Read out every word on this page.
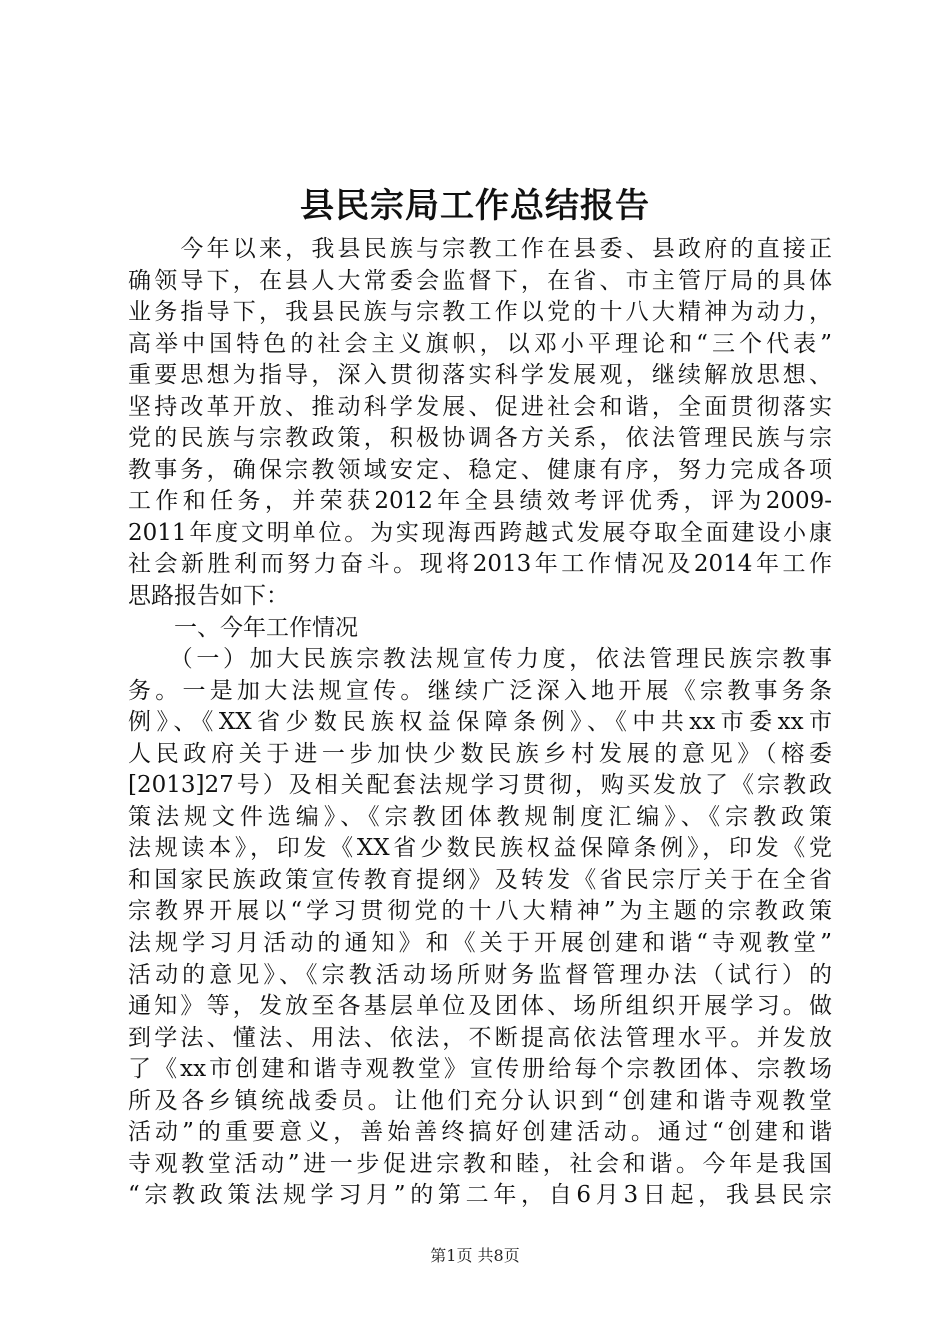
县民宗局工作总结报告
　　今年以来，我县民族与宗教工作在县委、县政府的直接正
确领导下，在县人大常委会监督下，在省、市主管厅局的具体
业务指导下，我县民族与宗教工作以党的十八大精神为动力，
高举中国特色的社会主义旗帜，以邓小平理论和“三个代表”
重要思想为指导，深入贯彻落实科学发展观，继续解放思想、
坚持改革开放、推动科学发展、促进社会和谐，全面贯彻落实
党的民族与宗教政策，积极协调各方关系，依法管理民族与宗
教事务，确保宗教领域安定、稳定、健康有序，努力完成各项
工作和任务，并荣获2012年全县绩效考评优秀，评为2009-
2011年度文明单位。为实现海西跨越式发展夺取全面建设小康
社会新胜利而努力奋斗。现将2013年工作情况及2014年工作
思路报告如下：
　　一、今年工作情况
　　（一）加大民族宗教法规宣传力度，依法管理民族宗教事
务。一是加大法规宣传。继续广泛深入地开展《宗教事务条
例》、《XX省少数民族权益保障条例》、《中共xx市委xx市
人民政府关于进一步加快少数民族乡村发展的意见》（榕委
[2013]27号）及相关配套法规学习贯彻，购买发放了《宗教政
策法规文件选编》、《宗教团体教规制度汇编》、《宗教政策
法规读本》，印发《XX省少数民族权益保障条例》，印发《党
和国家民族政策宣传教育提纲》及转发《省民宗厅关于在全省
宗教界开展以“学习贯彻党的十八大精神”为主题的宗教政策
法规学习月活动的通知》和《关于开展创建和谐“寺观教堂”
活动的意见》、《宗教活动场所财务监督管理办法（试行）的
通知》等，发放至各基层单位及团体、场所组织开展学习。做
到学法、懂法、用法、依法，不断提高依法管理水平。并发放
了《xx市创建和谐寺观教堂》宣传册给每个宗教团体、宗教场
所及各乡镇统战委员。让他们充分认识到“创建和谐寺观教堂
活动”的重要意义，善始善终搞好创建活动。通过“创建和谐
寺观教堂活动”进一步促进宗教和睦，社会和谐。今年是我国
“宗教政策法规学习月”的第二年，自6月3日起，我县民宗
第1页 共8页
